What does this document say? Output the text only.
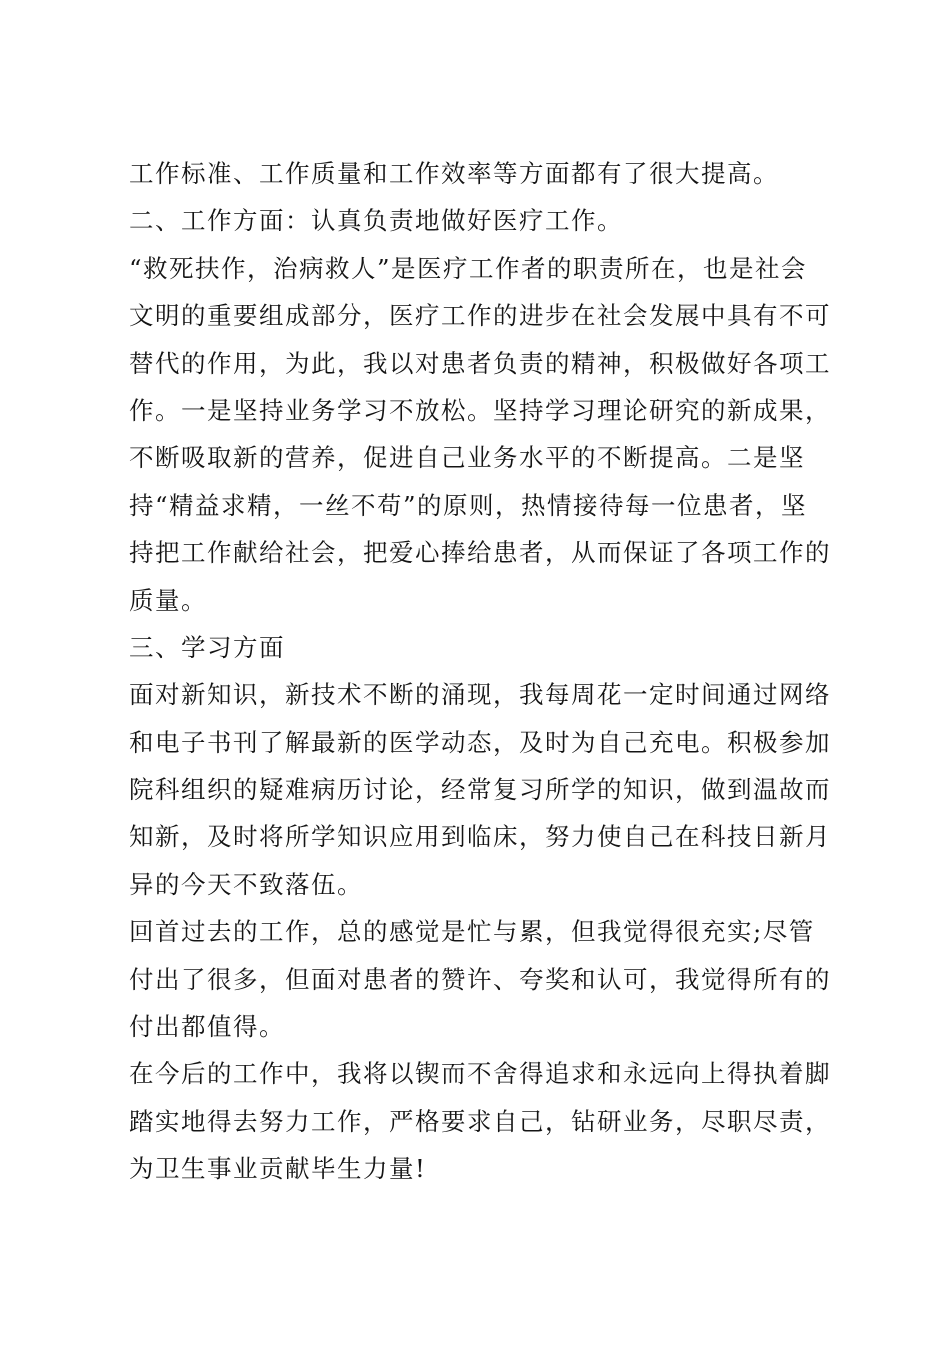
工作标准、工作质量和工作效率等方面都有了很大提高。
二、工作方面：认真负责地做好医疗工作。
“救死扶作，治病救人”是医疗工作者的职责所在，也是社会
文明的重要组成部分，医疗工作的进步在社会发展中具有不可
替代的作用，为此，我以对患者负责的精神，积极做好各项工
作。一是坚持业务学习不放松。坚持学习理论研究的新成果，
不断吸取新的营养，促进自己业务水平的不断提高。二是坚
持“精益求精，一丝不苟”的原则，热情接待每一位患者，坚
持把工作献给社会，把爱心捧给患者，从而保证了各项工作的
质量。
三、学习方面
面对新知识，新技术不断的涌现，我每周花一定时间通过网络
和电子书刊了解最新的医学动态，及时为自己充电。积极参加
院科组织的疑难病历讨论，经常复习所学的知识，做到温故而
知新，及时将所学知识应用到临床，努力使自己在科技日新月
异的今天不致落伍。
回首过去的工作，总的感觉是忙与累，但我觉得很充实;尽管
付出了很多，但面对患者的赞许、夸奖和认可，我觉得所有的
付出都值得。
在今后的工作中，我将以锲而不舍得追求和永远向上得执着脚
踏实地得去努力工作，严格要求自己，钻研业务，尽职尽责，
为卫生事业贡献毕生力量!
